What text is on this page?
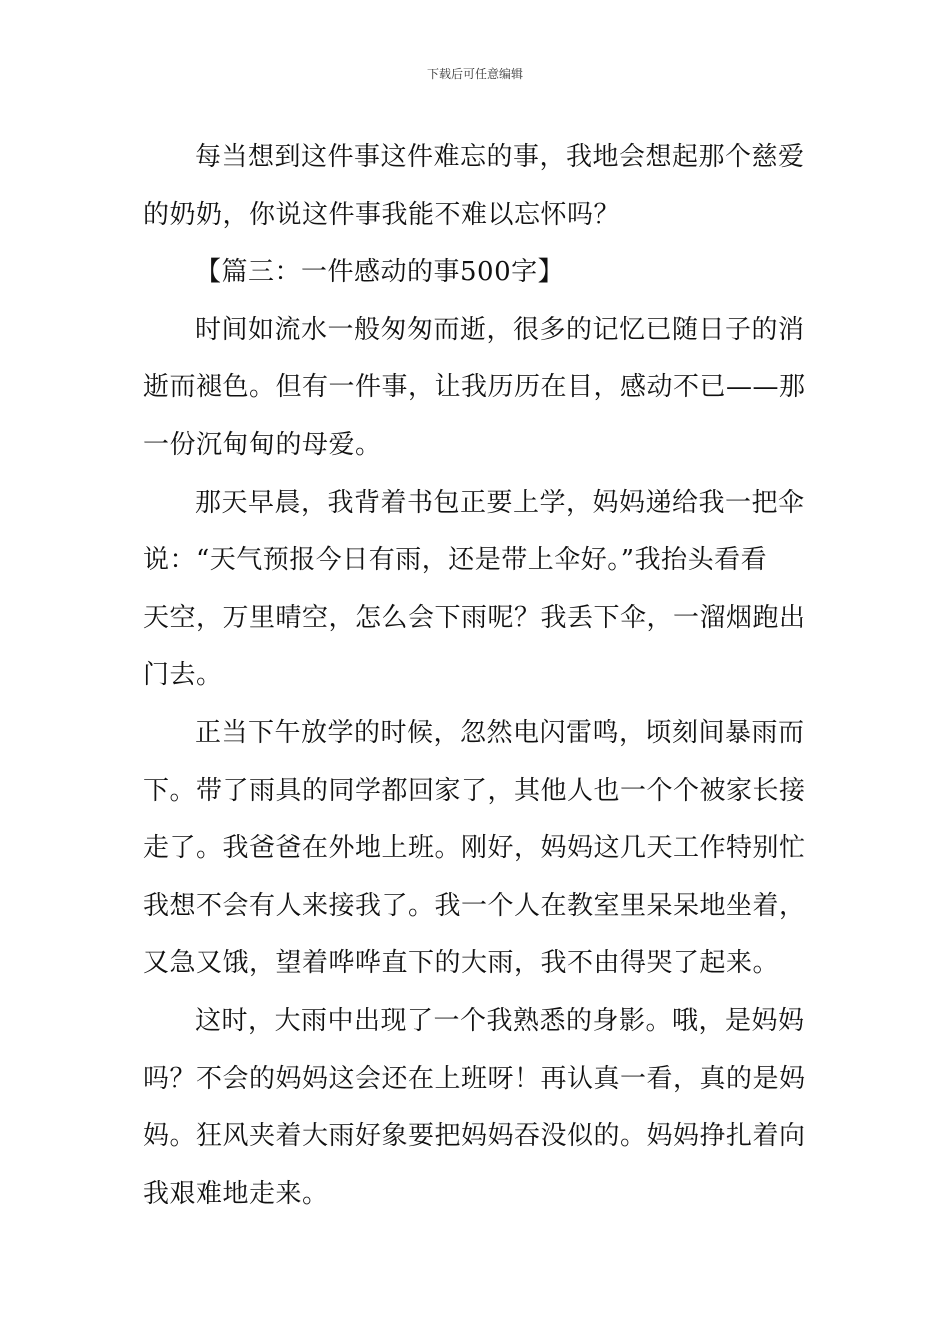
下载后可任意编辑

每当想到这件事这件难忘的事，我地会想起那个慈爱
的奶奶，你说这件事我能不难以忘怀吗？

【篇三：一件感动的事500字】

时间如流水一般匆匆而逝，很多的记忆已随日子的消
逝而褪色。但有一件事，让我历历在目，感动不已——那
一份沉甸甸的母爱。

那天早晨，我背着书包正要上学，妈妈递给我一把伞
说：“天气预报今日有雨，还是带上伞好。”我抬头看看
天空，万里晴空，怎么会下雨呢？我丢下伞，一溜烟跑出
门去。

正当下午放学的时候，忽然电闪雷鸣，顷刻间暴雨而
下。带了雨具的同学都回家了，其他人也一个个被家长接
走了。我爸爸在外地上班。刚好，妈妈这几天工作特别忙
我想不会有人来接我了。我一个人在教室里呆呆地坐着，
又急又饿，望着哗哗直下的大雨，我不由得哭了起来。

这时，大雨中出现了一个我熟悉的身影。哦，是妈妈
吗？不会的妈妈这会还在上班呀！再认真一看，真的是妈
妈。狂风夹着大雨好象要把妈妈吞没似的。妈妈挣扎着向
我艰难地走来。
